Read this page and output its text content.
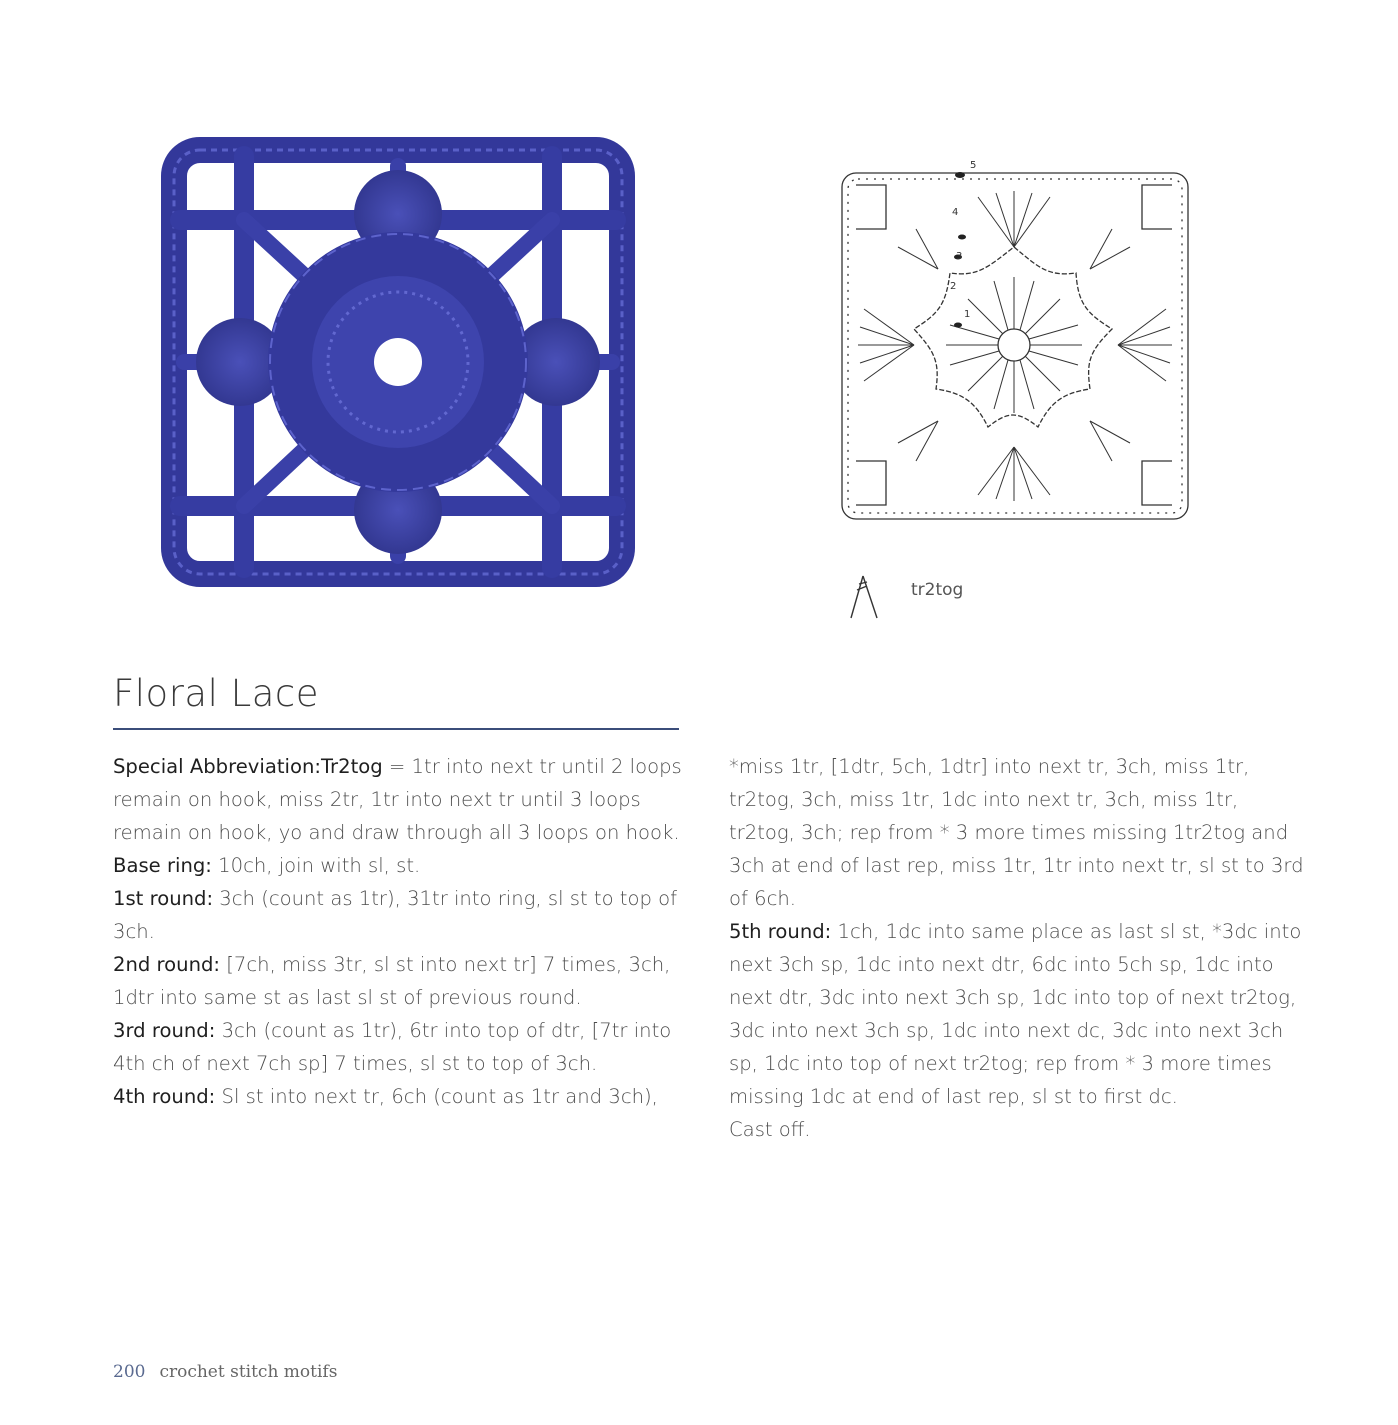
1
2
3
4
5
tr2tog
Floral Lace

Special Abbreviation:Tr2tog = 1tr into next tr until 2 loops remain on hook, miss 2tr, 1tr into next tr until 3 loops remain on hook, yo and draw through all 3 loops on hook.

Base ring: 10ch, join with sl, st.

1st round: 3ch (count as 1tr), 31tr into ring, sl st to top of 3ch.

2nd round: [7ch, miss 3tr, sl st into next tr] 7 times, 3ch, 1dtr into same st as last sl st of previous round.

3rd round: 3ch (count as 1tr), 6tr into top of dtr, [7tr into 4th ch of next 7ch sp] 7 times, sl st to top of 3ch.

4th round: Sl st into next tr, 6ch (count as 1tr and 3ch),

*miss 1tr, [1dtr, 5ch, 1dtr] into next tr, 3ch, miss 1tr, tr2tog, 3ch, miss 1tr, 1dc into next tr, 3ch, miss 1tr, tr2tog, 3ch; rep from * 3 more times missing 1tr2tog and 3ch at end of last rep, miss 1tr, 1tr into next tr, sl st to 3rd of 6ch.

5th round: 1ch, 1dc into same place as last sl st, *3dc into next 3ch sp, 1dc into next dtr, 6dc into 5ch sp, 1dc into next dtr, 3dc into next 3ch sp, 1dc into top of next tr2tog, 3dc into next 3ch sp, 1dc into next dc, 3dc into next 3ch sp, 1dc into top of next tr2tog; rep from * 3 more times missing 1dc at end of last rep, sl st to first dc.

Cast off.

200 crochet stitch motifs
